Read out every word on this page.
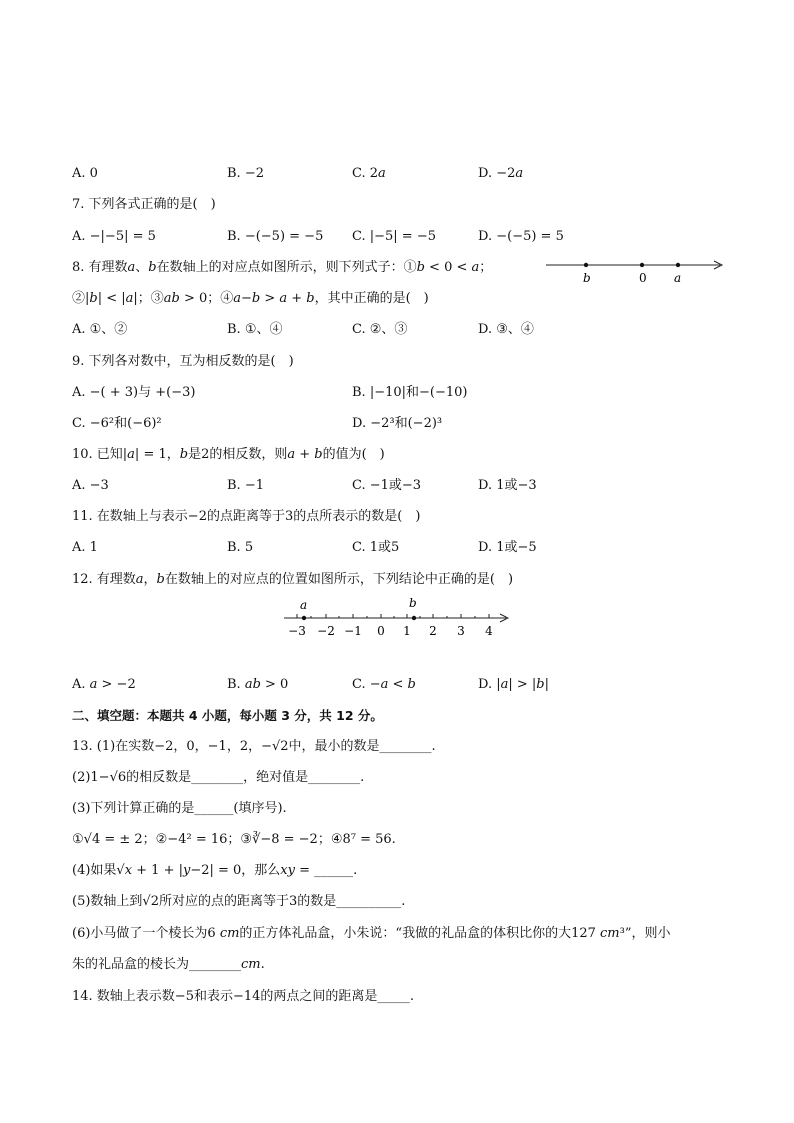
A. 0	B. −2	C. 2𝑎	D. −2𝑎
7. 下列各式正确的是(　)
A. −|−5| = 5	B. −(−5) = −5 C. |−5| = −5	D. −(−5) = 5
8. 有理数𝑎、𝑏在数轴上的对应点如图所示，则下列式子：①𝑏 < 0 < 𝑎；
②|𝑏| < |𝑎|；③𝑎𝑏 > 0；④𝑎−𝑏 > 𝑎 + 𝑏，其中正确的是(　)
𝑏	0 𝑎
A. ①、②	B. ①、④	C. ②、③	D. ③、④
9. 下列各对数中，互为相反数的是(　)
A. −( + 3)与 +(−3)	B. |−10|和−(−10)
C. −6²和(−6)²	D. −2³和(−2)³
10. 已知|𝑎| = 1，𝑏是2的相反数，则𝑎 + 𝑏的值为(　)
A. −3	B. −1	C. −1或−3	D. 1或−3
11. 在数轴上与表示−2的点距离等于3的点所表示的数是(　)
A. 1	B. 5	C. 1或5	D. 1或−5
12. 有理数𝑎，𝑏在数轴上的对应点的位置如图所示，下列结论中正确的是(　)
𝑎	𝑏
−3 −2 −1 0 1 2 3 4
A. 𝑎 > −2	B. 𝑎𝑏 > 0	C. −𝑎 < 𝑏	D. |𝑎| > |𝑏|
二、填空题：本题共 4 小题，每小题 3 分，共 12 分。
13. (1)在实数−2，0，−1，2，−√2中，最小的数是________.
(2)1−√6的相反数是________，绝对值是________.
(3)下列计算正确的是______(填序号).
①√4 = ± 2；②−4² = 16；③∛−8 = −2；④8⁷ = 56.
(4)如果√𝑥 + 1 + |𝑦−2| = 0，那么𝑥𝑦 = ______.
(5)数轴上到√2所对应的点的距离等于3的数是__________.
(6)小马做了一个棱长为6 𝑐𝑚的正方体礼品盒，小朱说：“我做的礼品盒的体积比你的大127 𝑐𝑚³”，则小
朱的礼品盒的棱长为________𝑐𝑚.
14. 数轴上表示数−5和表示−14的两点之间的距离是_____.
